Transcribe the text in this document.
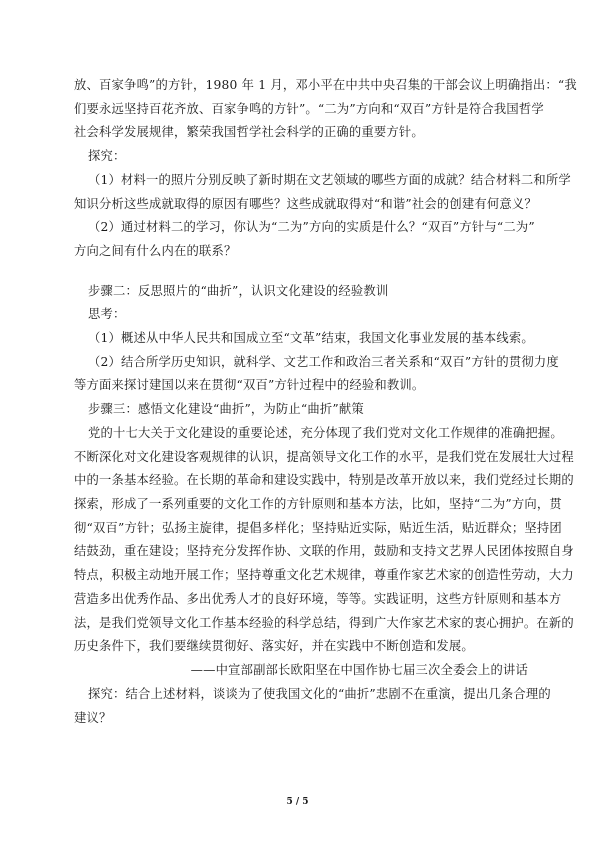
放、百家争鸣”的方针，1980 年 1 月，邓小平在中共中央召集的干部会议上明确指出：“我
们要永远坚持百花齐放、百家争鸣的方针”。“二为”方向和“双百”方针是符合我国哲学
社会科学发展规律，繁荣我国哲学社会科学的正确的重要方针。
探究：
（1）材料一的照片分别反映了新时期在文艺领域的哪些方面的成就？结合材料二和所学
知识分析这些成就取得的原因有哪些？这些成就取得对“和谐”社会的创建有何意义？
（2）通过材料二的学习，你认为“二为”方向的实质是什么？“双百”方针与“二为”
方向之间有什么内在的联系？
步骤二：反思照片的“曲折”，认识文化建设的经验教训
思考：
（1）概述从中华人民共和国成立至“文革”结束，我国文化事业发展的基本线索。
（2）结合所学历史知识，就科学、文艺工作和政治三者关系和“双百”方针的贯彻力度
等方面来探讨建国以来在贯彻“双百”方针过程中的经验和教训。
步骤三：感悟文化建设“曲折”，为防止“曲折”献策
党的十七大关于文化建设的重要论述，充分体现了我们党对文化工作规律的准确把握。
不断深化对文化建设客观规律的认识，提高领导文化工作的水平，是我们党在发展壮大过程
中的一条基本经验。在长期的革命和建设实践中，特别是改革开放以来，我们党经过长期的
探索，形成了一系列重要的文化工作的方针原则和基本方法，比如，坚持“二为”方向，贯
彻“双百”方针；弘扬主旋律，提倡多样化；坚持贴近实际，贴近生活，贴近群众；坚持团
结鼓劲，重在建设；坚持充分发挥作协、文联的作用，鼓励和支持文艺界人民团体按照自身
特点，积极主动地开展工作；坚持尊重文化艺术规律，尊重作家艺术家的创造性劳动，大力
营造多出优秀作品、多出优秀人才的良好环境，等等。实践证明，这些方针原则和基本方
法，是我们党领导文化工作基本经验的科学总结，得到广大作家艺术家的衷心拥护。在新的
历史条件下，我们要继续贯彻好、落实好，并在实践中不断创造和发展。
——中宣部副部长欧阳坚在中国作协七届三次全委会上的讲话
探究：结合上述材料，谈谈为了使我国文化的“曲折”悲剧不在重演，提出几条合理的
建议？
5 / 5
